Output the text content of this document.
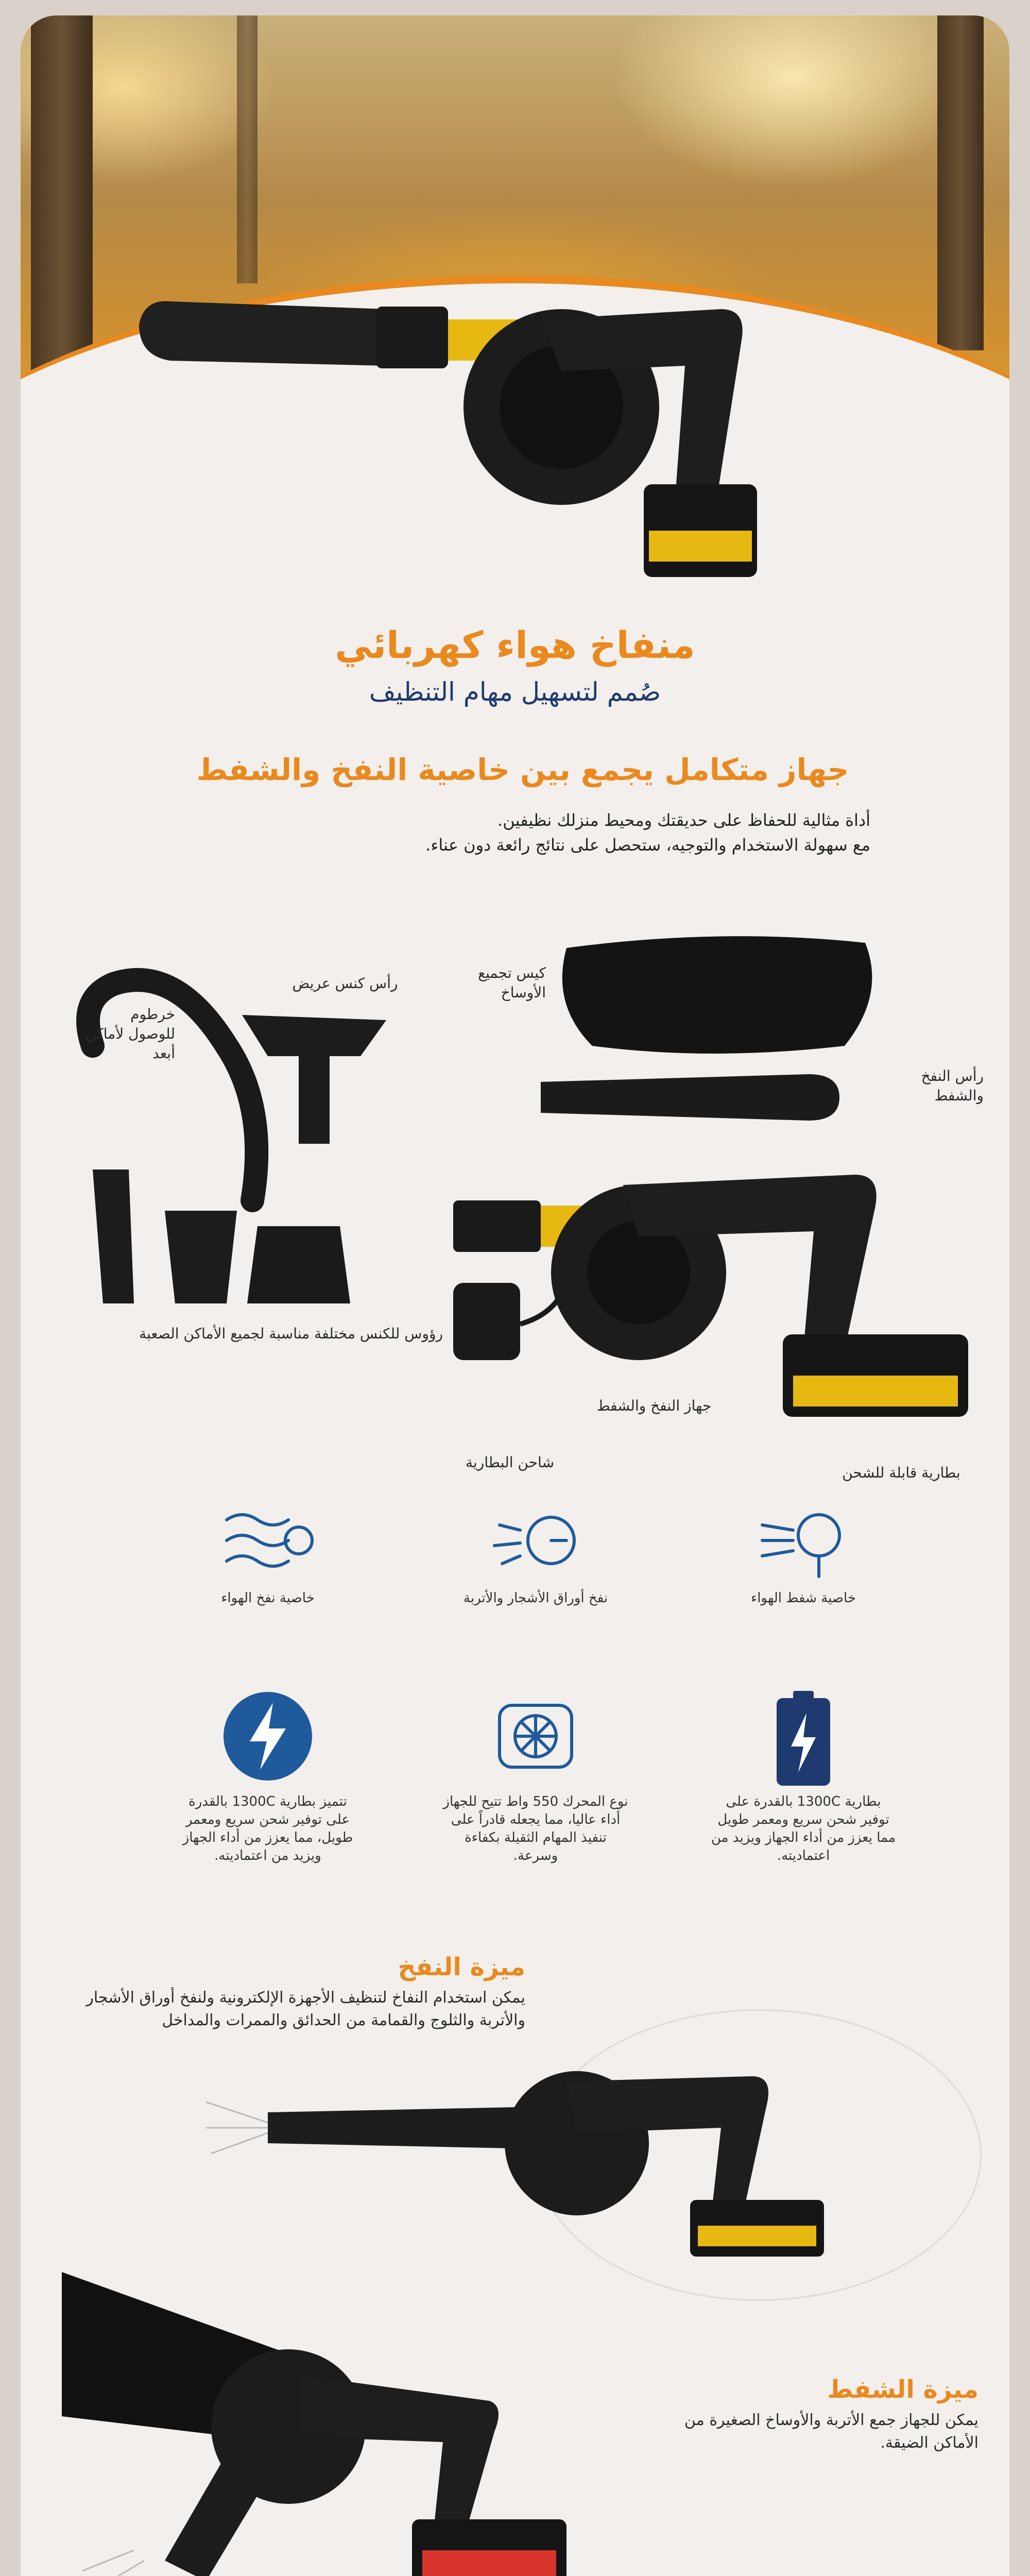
منفاخ هواء كهربائي
صُمم لتسهيل مهام التنظيف
جهاز متكامل يجمع بين خاصية النفخ والشفط
أداة مثالية للحفاظ على حديقتك ومحيط منزلك نظيفين.
مع سهولة الاستخدام والتوجيه، ستحصل على نتائج رائعة دون عناء.
خرطوم للوصول لأماكن أبعد
رأس كنس عريض
كيس تجميع الأوساخ
رأس النفخ والشفط
رؤوس للكنس مختلفة مناسبة لجميع الأماكن الصعبة
شاحن البطارية
جهاز النفخ والشفط
بطارية قابلة للشحن
خاصية نفخ الهواء	نفخ أوراق الأشجار والأتربة	خاصية شفط الهواء
تتميز بطارية 1300C بالقدرة على توفير شحن سريع ومعمر طويل، مما يعزز من أداء الجهاز ويزيد من اعتماديته.
نوع المحرك 550 واط تتيح للجهاز أداء عاليا، مما يجعله قادراً على تنفيذ المهام الثقيلة بكفاءة وسرعة.
بطارية 1300C بالقدرة على توفير شحن سريع ومعمر طويل مما يعزز من أداء الجهاز ويزيد من اعتماديته.
ميزة النفخ
يمكن استخدام النفاخ لتنظيف الأجهزة الإلكترونية ولنفخ أوراق الأشجار والأتربة والثلوج والقمامة من الحدائق والممرات والمداخل
ميزة الشفط
يمكن للجهاز جمع الأتربة والأوساخ الصغيرة من الأماكن الضيقة.
